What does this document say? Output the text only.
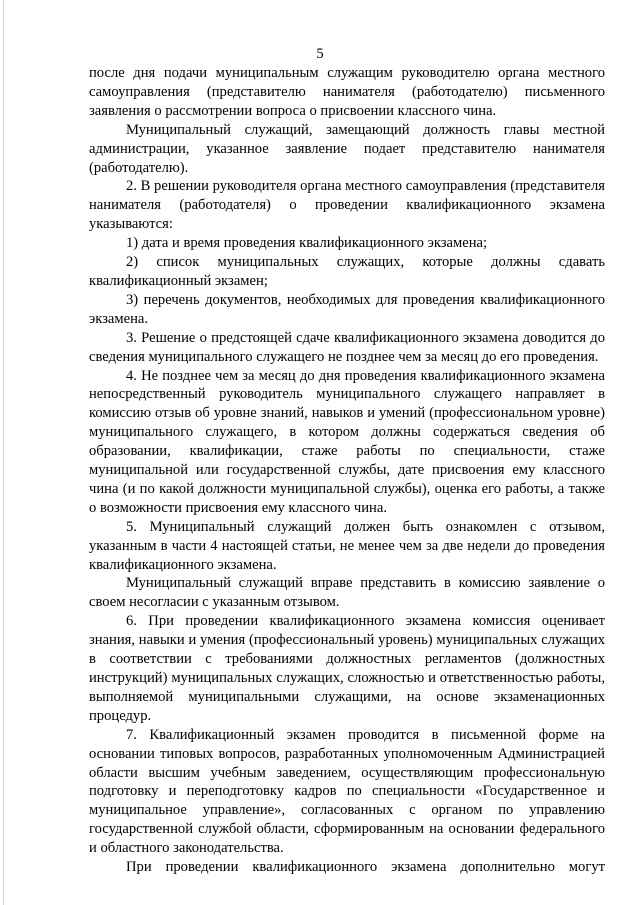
5

после дня подачи муниципальным служащим руководителю органа местного самоуправления (представителю нанимателя (работодателю) письменного заявления о рассмотрении вопроса о присвоении классного чина.

Муниципальный служащий, замещающий должность главы местной администрации, указанное заявление подает представителю нанимателя (работодателю).

2. В решении руководителя органа местного самоуправления (представителя нанимателя (работодателя) о проведении квалификационного экзамена указываются:

1) дата и время проведения квалификационного экзамена;

2) список муниципальных служащих, которые должны сдавать квалификационный экзамен;

3) перечень документов, необходимых для проведения квалификационного экзамена.

3. Решение о предстоящей сдаче квалификационного экзамена доводится до сведения муниципального служащего не позднее чем за месяц до его проведения.

4. Не позднее чем за месяц до дня проведения квалификационного экзамена непосредственный руководитель муниципального служащего направляет в комиссию отзыв об уровне знаний, навыков и умений (профессиональном уровне) муниципального служащего, в котором должны содержаться сведения об образовании, квалификации, стаже работы по специальности, стаже муниципальной или государственной службы, дате присвоения ему классного чина (и по какой должности муниципальной службы), оценка его работы, а также о возможности присвоения ему классного чина.

5. Муниципальный служащий должен быть ознакомлен с отзывом, указанным в части 4 настоящей статьи, не менее чем за две недели до проведения квалификационного экзамена.

Муниципальный служащий вправе представить в комиссию заявление о своем несогласии с указанным отзывом.

6. При проведении квалификационного экзамена комиссия оценивает знания, навыки и умения (профессиональный уровень) муниципальных служащих в соответствии с требованиями должностных регламентов (должностных инструкций) муниципальных служащих, сложностью и ответственностью работы, выполняемой муниципальными служащими, на основе экзаменационных процедур.

7. Квалификационный экзамен проводится в письменной форме на основании типовых вопросов, разработанных уполномоченным Администрацией области высшим учебным заведением, осуществляющим профессиональную подготовку и переподготовку кадров по специальности «Государственное и муниципальное управление», согласованных с органом по управлению государственной службой области, сформированным на основании федерального и областного законодательства.

При проведении квалификационного экзамена дополнительно могут
